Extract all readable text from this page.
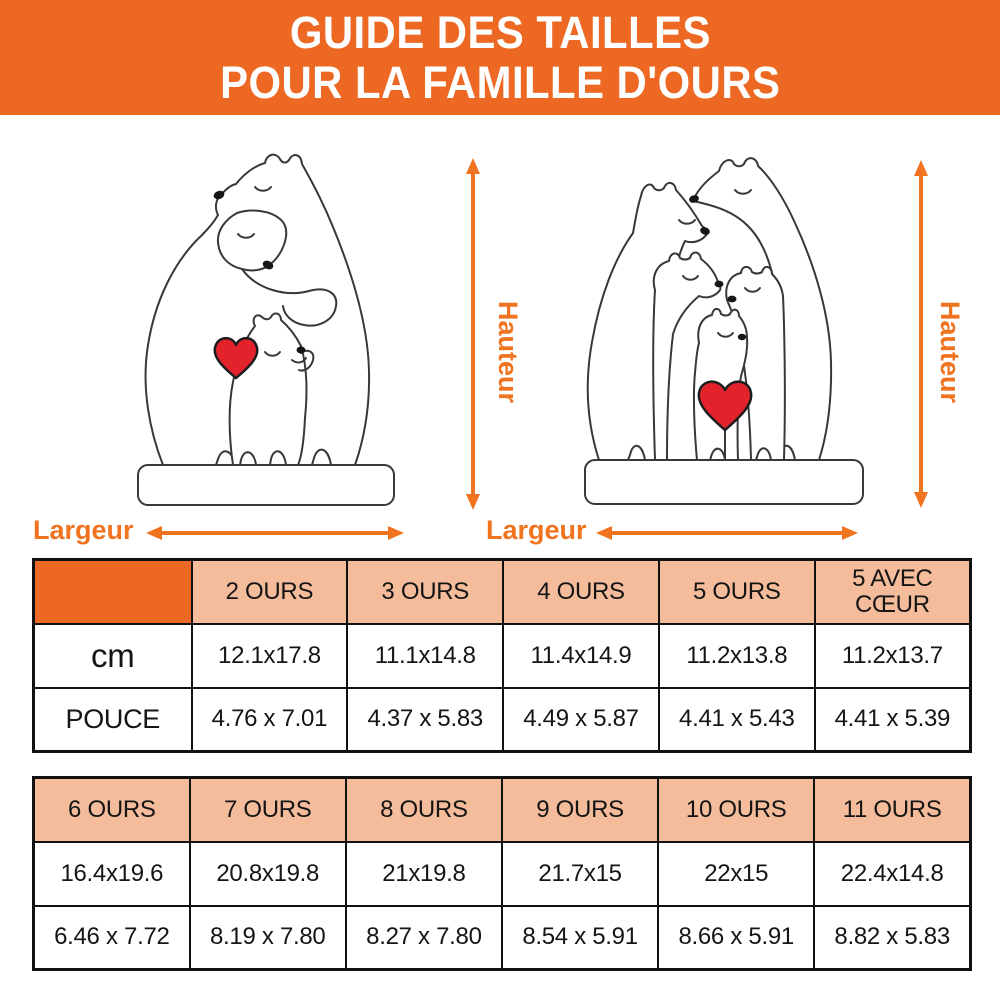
GUIDE DES TAILLES
POUR LA FAMILLE D'OURS
Hauteur	Hauteur
Largeur	Largeur
	2 OURS	3 OURS	4 OURS	5 OURS	5 AVEC CŒUR
cm	12.1x17.8	11.1x14.8	11.4x14.9	11.2x13.8	11.2x13.7
POUCE	4.76 x 7.01	4.37 x 5.83	4.49 x 5.87	4.41 x 5.43	4.41 x 5.39
6 OURS	7 OURS	8 OURS	9 OURS	10 OURS	11 OURS
16.4x19.6	20.8x19.8	21x19.8	21.7x15	22x15	22.4x14.8
6.46 x 7.72	8.19 x 7.80	8.27 x 7.80	8.54 x 5.91	8.66 x 5.91	8.82 x 5.83
